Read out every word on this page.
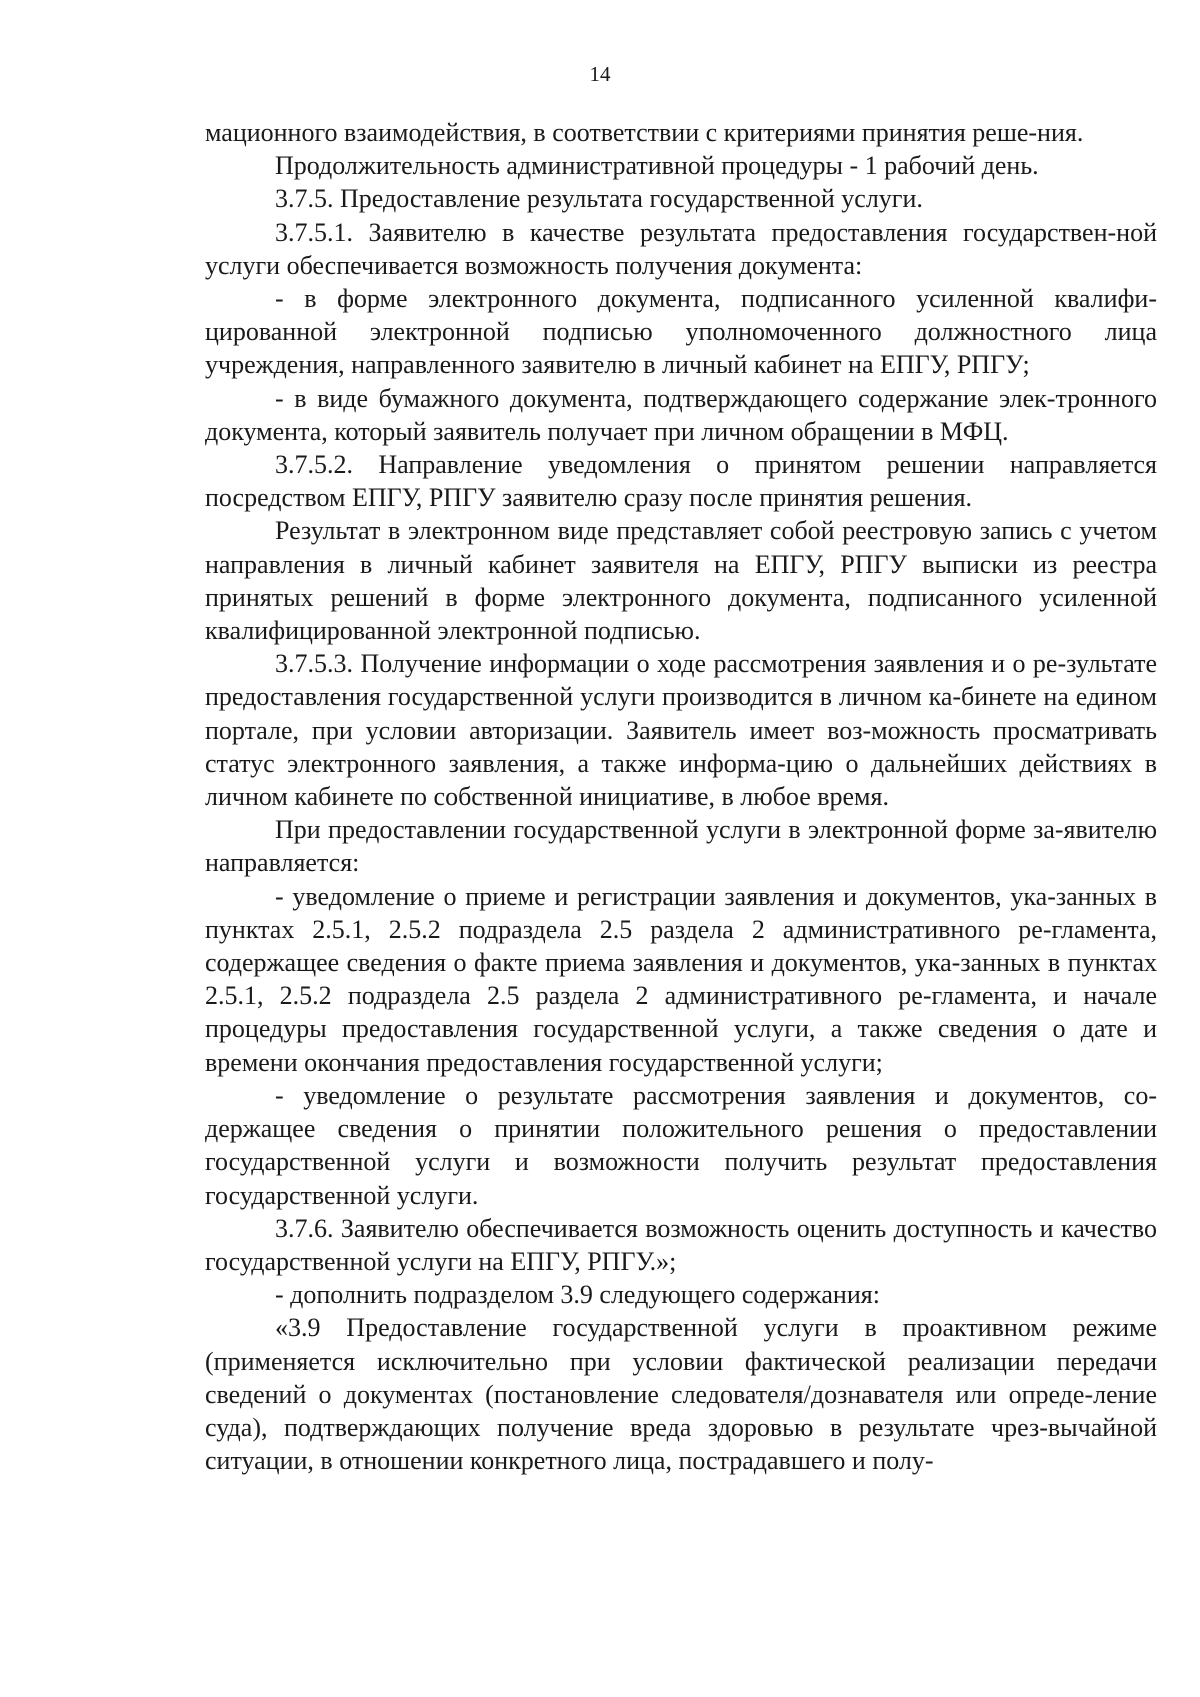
14

мационного взаимодействия, в соответствии с критериями принятия реше-ния.

Продолжительность административной процедуры - 1 рабочий день.

3.7.5. Предоставление результата государственной услуги.

3.7.5.1. Заявителю в качестве результата предоставления государствен-ной услуги обеспечивается возможность получения документа:

- в форме электронного документа, подписанного усиленной квалифи-цированной электронной подписью уполномоченного должностного лица учреждения, направленного заявителю в личный кабинет на ЕПГУ, РПГУ;

- в виде бумажного документа, подтверждающего содержание элек-тронного документа, который заявитель получает при личном обращении в МФЦ.

3.7.5.2. Направление уведомления о принятом решении направляется посредством ЕПГУ, РПГУ заявителю сразу после принятия решения.

Результат в электронном виде представляет собой реестровую запись с учетом направления в личный кабинет заявителя на ЕПГУ, РПГУ выписки из реестра принятых решений в форме электронного документа, подписанного усиленной квалифицированной электронной подписью.

3.7.5.3. Получение информации о ходе рассмотрения заявления и о ре-зультате предоставления государственной услуги производится в личном ка-бинете на едином портале, при условии авторизации. Заявитель имеет воз-можность просматривать статус электронного заявления, а также информа-цию о дальнейших действиях в личном кабинете по собственной инициативе, в любое время.

При предоставлении государственной услуги в электронной форме за-явителю направляется:

- уведомление о приеме и регистрации заявления и документов, ука-занных в пунктах 2.5.1, 2.5.2 подраздела 2.5 раздела 2 административного ре-гламента, содержащее сведения о факте приема заявления и документов, ука-занных в пунктах 2.5.1, 2.5.2 подраздела 2.5 раздела 2 административного ре-гламента, и начале процедуры предоставления государственной услуги, а также сведения о дате и времени окончания предоставления государственной услуги;

- уведомление о результате рассмотрения заявления и документов, со-держащее сведения о принятии положительного решения о предоставлении государственной услуги и возможности получить результат предоставления государственной услуги.

3.7.6. Заявителю обеспечивается возможность оценить доступность и качество государственной услуги на ЕПГУ, РПГУ.»;

- дополнить подразделом 3.9 следующего содержания:

«3.9 Предоставление государственной услуги в проактивном режиме (применяется исключительно при условии фактической реализации передачи сведений о документах (постановление следователя/дознавателя или опреде-ление суда), подтверждающих получение вреда здоровью в результате чрез-вычайной ситуации, в отношении конкретного лица, пострадавшего и полу-
